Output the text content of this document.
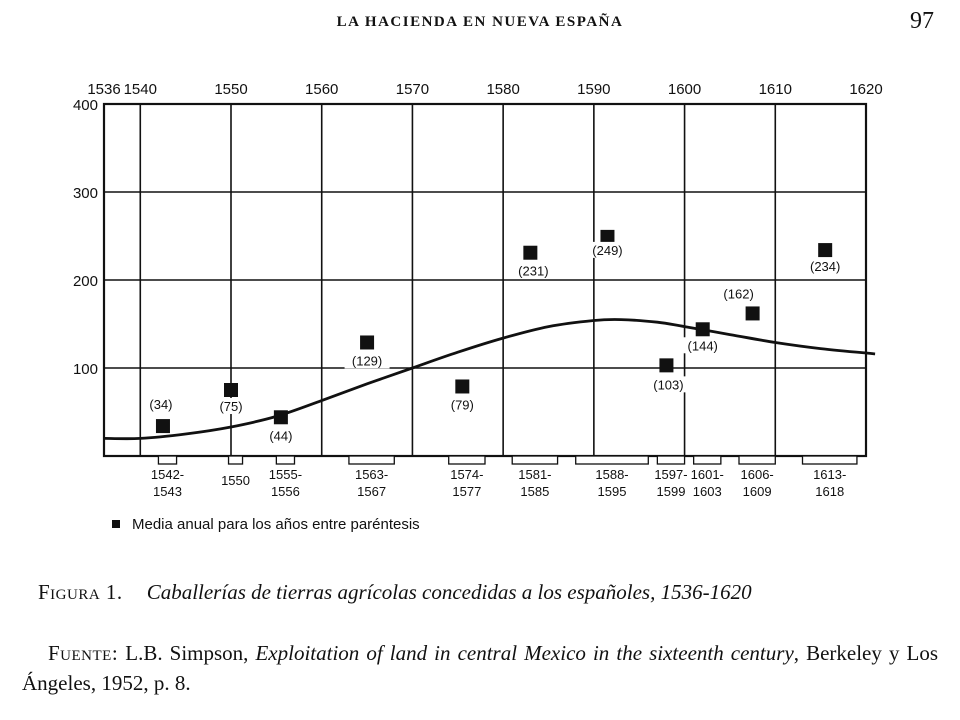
LA HACIENDA EN NUEVA ESPAÑA	97
400
300
200
100
1536 1540	1550	1560	1570	1580	1590	1600	1610	1620
(34)	(75)
(44)
(129)
(79)
(231)
(249)
(103)
(144)
(162)
(234)
1542-
1543
1550 1555-
1556
1563-
1567
1574-
1577
1581-
1585
1588-
1595
1597-
1599
1601-
1603
1606-
1609
1613-
1618
Media anual para los años entre paréntesis
Figura 1. Caballerías de tierras agrícolas concedidas a los españoles, 1536-1620
Fuente: L.B. Simpson, Exploitation of land in central Mexico in the sixteenth century, Berkeley y Los Ángeles, 1952, p. 8.
